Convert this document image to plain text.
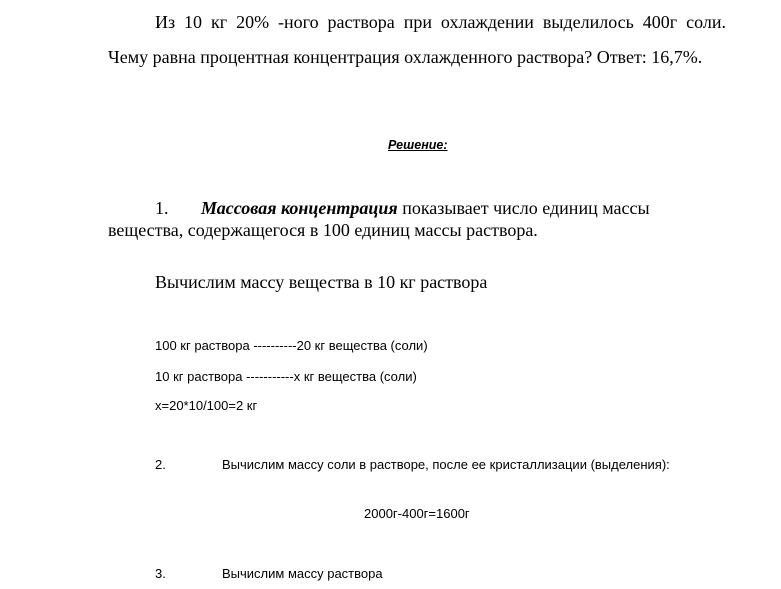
Из 10 кг 20% -ного раствора при охлаждении выделилось 400г соли.
Чему равна процентная концентрация охлажденного раствора? Ответ: 16,7%.
Решение:
1. Массовая концентрация показывает число единиц массы
вещества, содержащегося в 100 единиц массы раствора.
Вычислим массу вещества в 10 кг раствора
100 кг раствора ----------20 кг вещества (соли)
10 кг раствора -----------х кг вещества (соли)
х=20*10/100=2 кг
2.	Вычислим массу соли в растворе, после ее кристаллизации (выделения):
2000г-400г=1600г
3.	Вычислим массу раствора
